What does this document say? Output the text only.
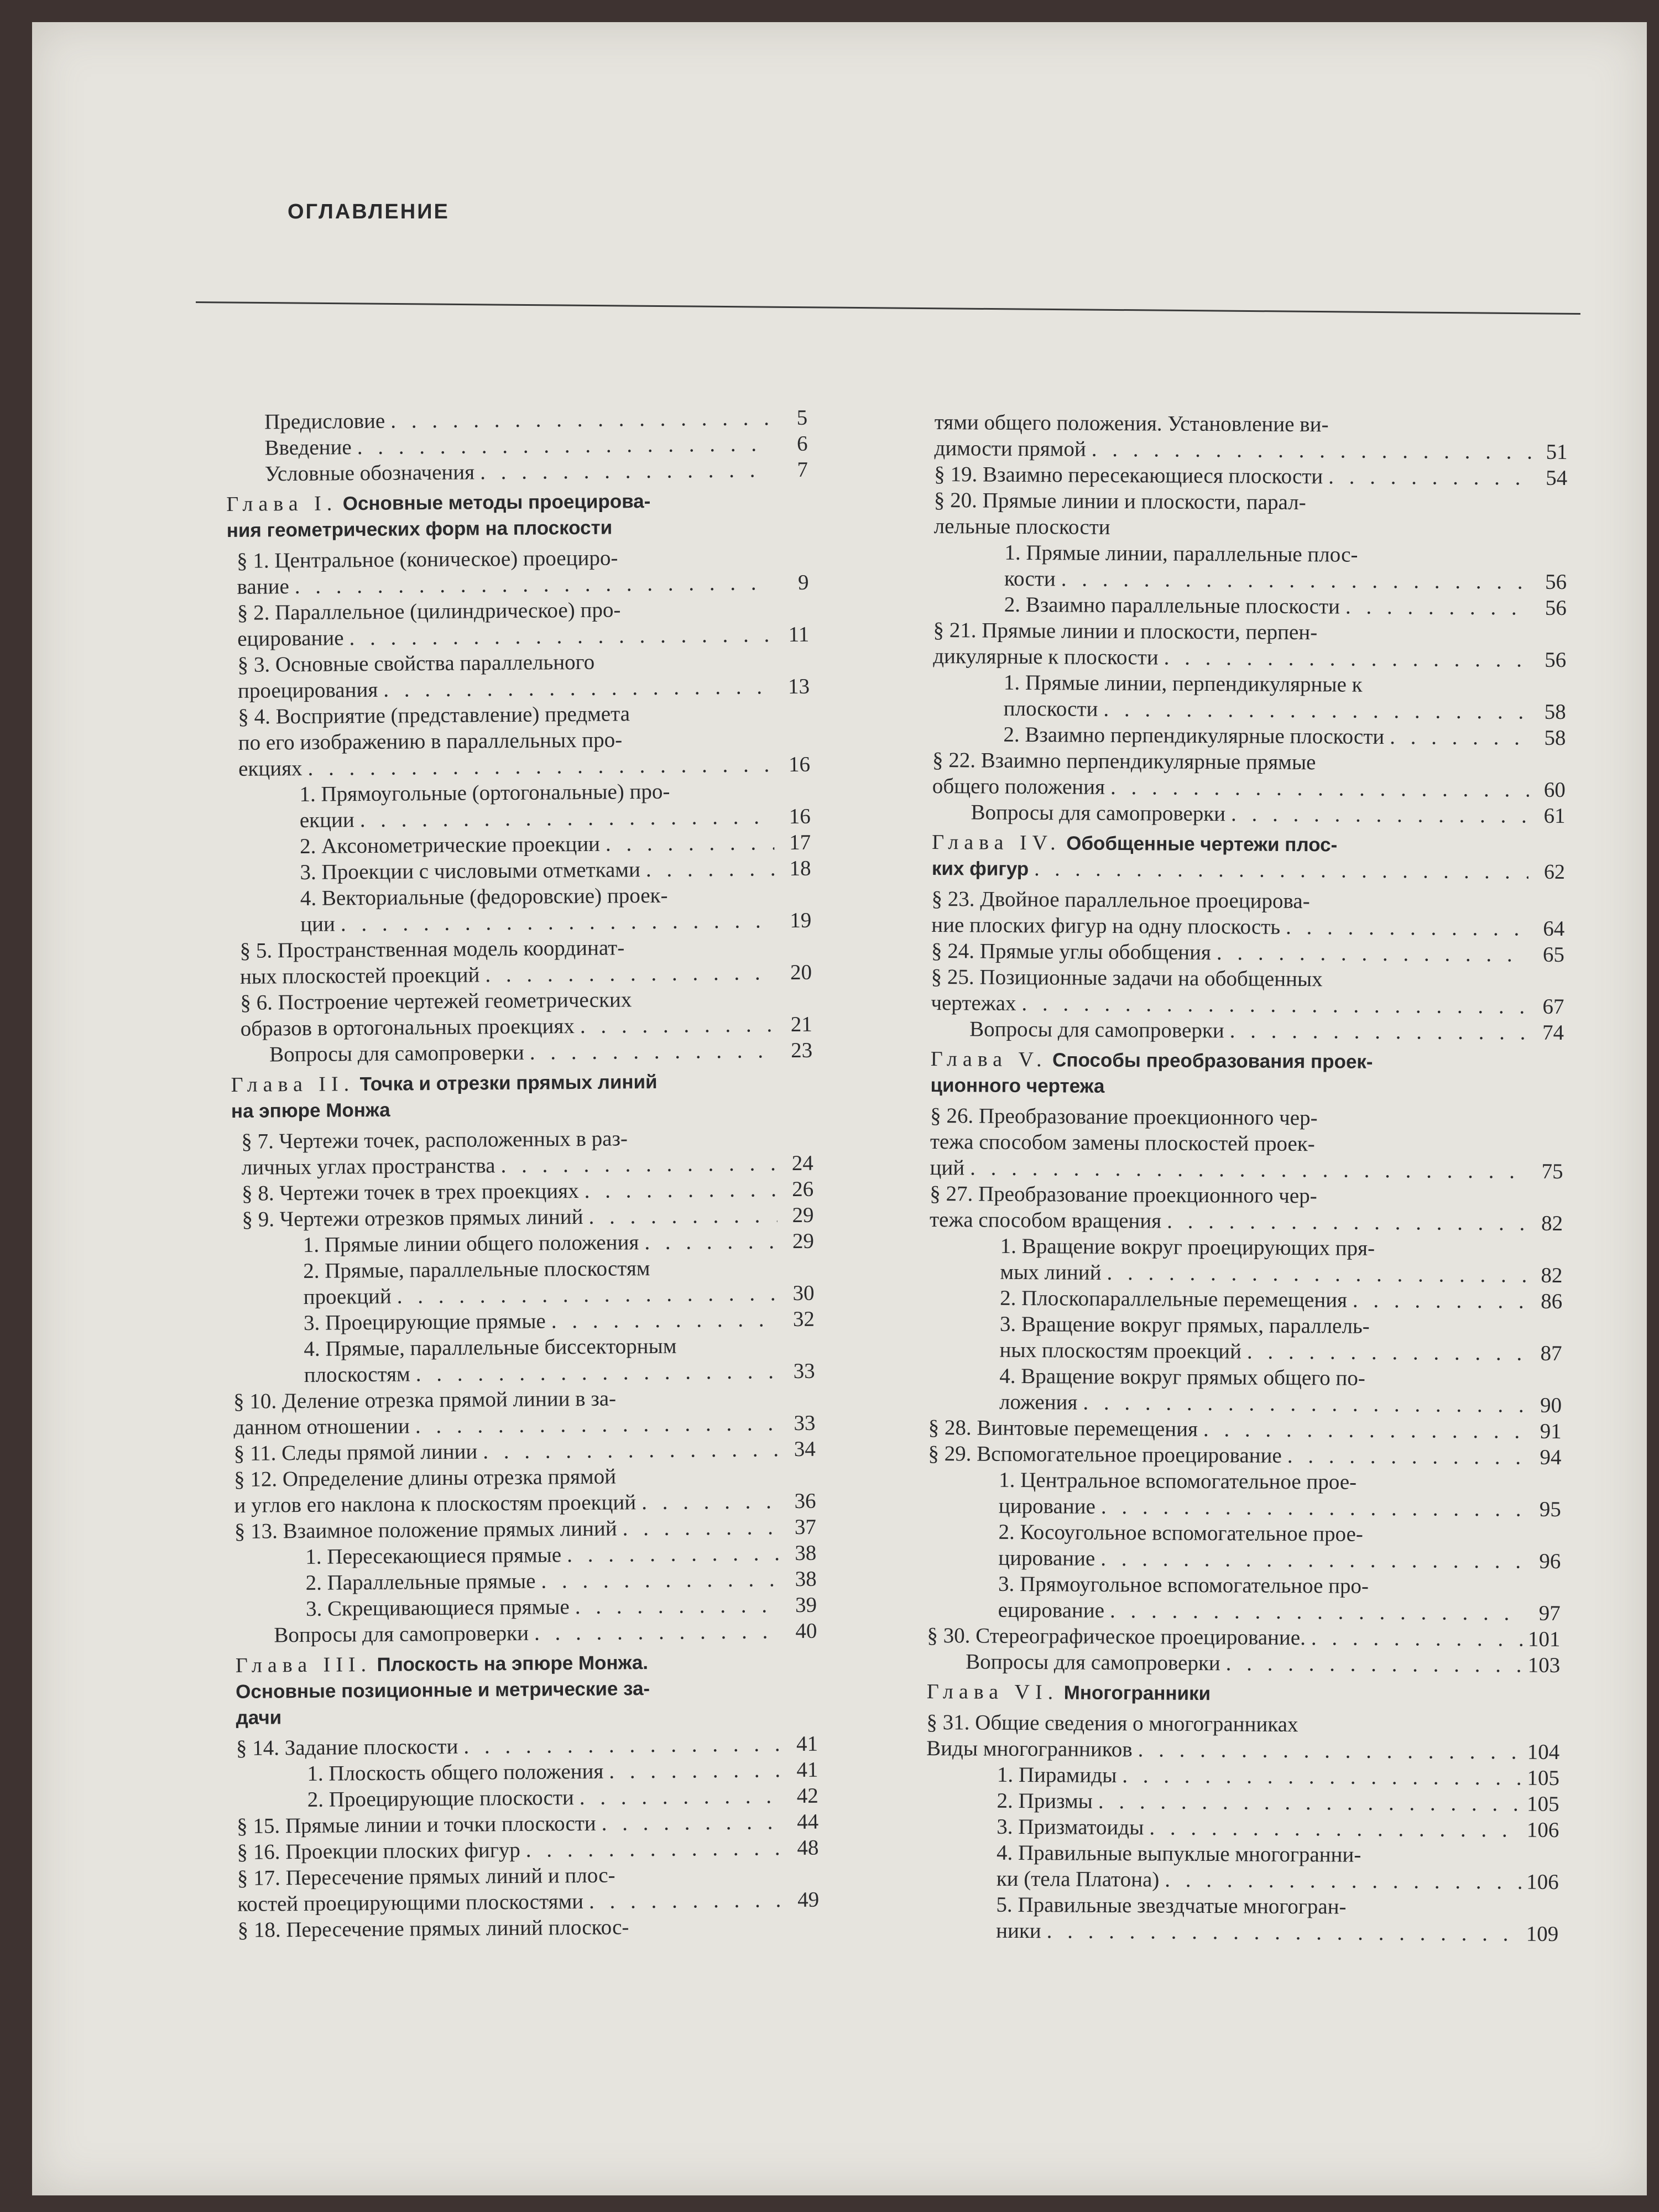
ОГЛАВЛЕНИЕ
Предисловие . . .	5
Введение . . .	6
Условные обозначения . . .	7
Глава I. Основные методы проецирова-
ния геометрических форм на плоскости
§ 1. Центральное (коническое) проециро-
вание . . .	9
§ 2. Параллельное (цилиндрическое) про-
ецирование . . .	11
§ 3. Основные свойства параллельного
проецирования . . .	13
§ 4. Восприятие (представление) предмета
по его изображению в параллельных про-
екциях . . .	16
1. Прямоугольные (ортогональные) про-
екции . . .	16
2. Аксонометрические проекции . . .	17
3. Проекции с числовыми отметками . . .	18
4. Векториальные (федоровские) проек-
ции . . .	19
§ 5. Пространственная модель координат-
ных плоскостей проекций . . .	20
§ 6. Построение чертежей геометрических
образов в ортогональных проекциях . . .	21
Вопросы для самопроверки . . .	23
Глава II. Точка и отрезки прямых линий
на эпюре Монжа
§ 7. Чертежи точек, расположенных в раз-
личных углах пространства . . .	24
§ 8. Чертежи точек в трех проекциях . . .	26
§ 9. Чертежи отрезков прямых линий . . .	29
1. Прямые линии общего положения . . .	29
2. Прямые, параллельные плоскостям
проекций . . .	30
3. Проецирующие прямые . . .	32
4. Прямые, параллельные биссекторным
плоскостям . . .	33
§ 10. Деление отрезка прямой линии в за-
данном отношении . . .	33
§ 11. Следы прямой линии . . .	34
§ 12. Определение длины отрезка прямой
и углов его наклона к плоскостям проекций . . .	36
§ 13. Взаимное положение прямых линий . . .	37
1. Пересекающиеся прямые . . .	38
2. Параллельные прямые . . .	38
3. Скрещивающиеся прямые . . .	39
Вопросы для самопроверки . . .	40
Глава III. Плоскость на эпюре Монжа.
Основные позиционные и метрические за-
дачи
§ 14. Задание плоскости . . .	41
1. Плоскость общего положения . . .	41
2. Проецирующие плоскости . . .	42
§ 15. Прямые линии и точки плоскости . . .	44
§ 16. Проекции плоских фигур . . .	48
§ 17. Пересечение прямых линий и плос-
костей проецирующими плоскостями . . .	49
§ 18. Пересечение прямых линий плоскос-
тями общего положения. Установление ви-
димости прямой . . .	51
§ 19. Взаимно пересекающиеся плоскости . . .	54
§ 20. Прямые линии и плоскости, парал-
лельные плоскости
1. Прямые линии, параллельные плос-
кости . . .	56
2. Взаимно параллельные плоскости . . .	56
§ 21. Прямые линии и плоскости, перпен-
дикулярные к плоскости . . .	56
1. Прямые линии, перпендикулярные к
плоскости . . .	58
2. Взаимно перпендикулярные плоскости . . .	58
§ 22. Взаимно перпендикулярные прямые
общего положения . . .	60
Вопросы для самопроверки . . .	61
Глава IV. Обобщенные чертежи плос-
ких фигур . . .	62
§ 23. Двойное параллельное проецирова-
ние плоских фигур на одну плоскость . . .	64
§ 24. Прямые углы обобщения . . .	65
§ 25. Позиционные задачи на обобщенных
чертежах . . .	67
Вопросы для самопроверки . . .	74
Глава V. Способы преобразования проек-
ционного чертежа
§ 26. Преобразование проекционного чер-
тежа способом замены плоскостей проек-
ций . . .	75
§ 27. Преобразование проекционного чер-
тежа способом вращения . . .	82
1. Вращение вокруг проецирующих пря-
мых линий . . .	82
2. Плоскопараллельные перемещения . . .	86
3. Вращение вокруг прямых, параллель-
ных плоскостям проекций . . .	87
4. Вращение вокруг прямых общего по-
ложения . . .	90
§ 28. Винтовые перемещения . . .	91
§ 29. Вспомогательное проецирование . . .	94
1. Центральное вспомогательное прое-
цирование . . .	95
2. Косоугольное вспомогательное прое-
цирование . . .	96
3. Прямоугольное вспомогательное про-
ецирование . . .	97
§ 30. Стереографическое проецирование. . . .	101
Вопросы для самопроверки . . .	103
Глава VI. Многогранники
§ 31. Общие сведения о многогранниках
Виды многогранников . . .	104
1. Пирамиды . . .	105
2. Призмы . . .	105
3. Призматоиды . . .	106
4. Правильные выпуклые многогранни-
ки (тела Платона) . . .	106
5. Правильные звездчатые многогран-
ники . . .	109
